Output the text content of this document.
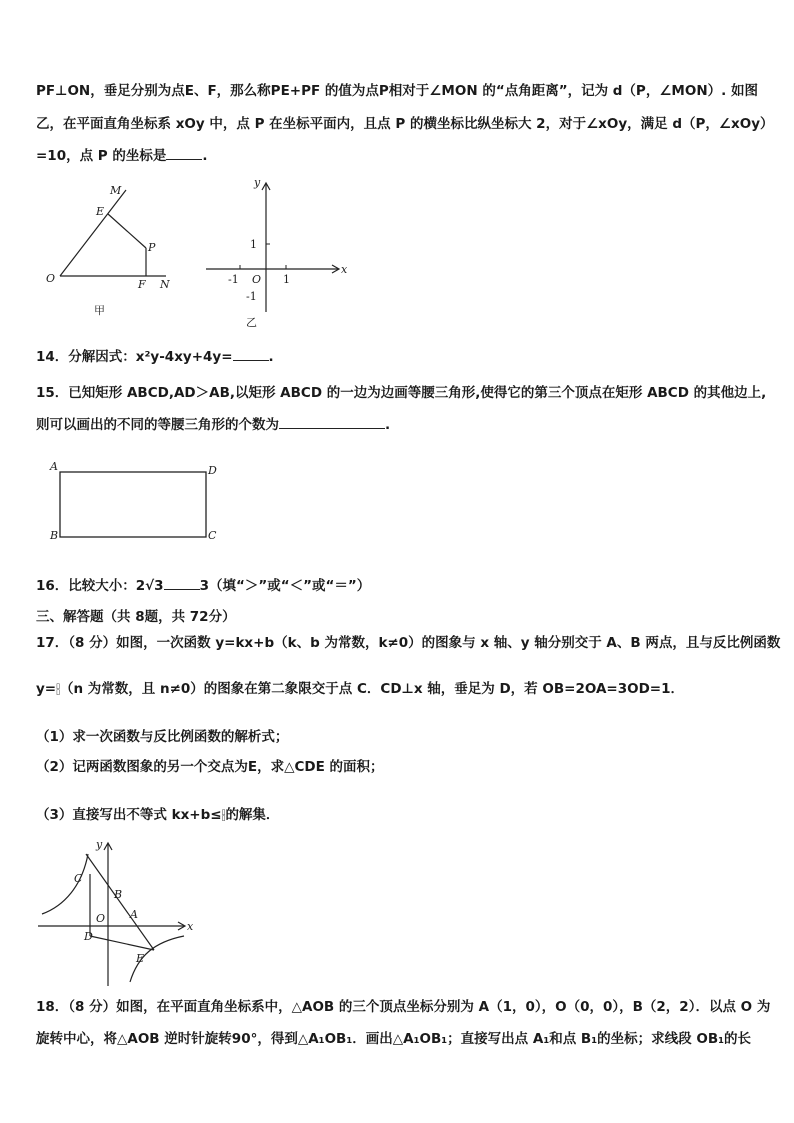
PF⊥ON，垂足分别为点E、F，那么称PE+PF 的值为点P相对于∠MON 的“点角距离”，记为 d（P，∠MON）. 如图
乙，在平面直角坐标系 xOy 中，点 P 在坐标平面内，且点 P 的横坐标比纵坐标大 2，对于∠xOy，满足 d（P，∠xOy）
=10，点 P 的坐标是	.
M
E
P
O	F N
甲
y
x
1
-1 O 1
-1
乙
14．分解因式：x²y-4xy+4y=	.
15．已知矩形 ABCD,AD＞AB,以矩形 ABCD 的一边为边画等腰三角形,使得它的第三个顶点在矩形 ABCD 的其他边上,
则可以画出的不同的等腰三角形的个数为	.
A	D
B	C
16．比较大小：2√3	3（填“＞”或“＜”或“＝”）
三、解答题（共 8题，共 72分）
17．（8 分）如图，一次函数 y=kx+b（k、b 为常数，k≠0）的图象与 x 轴、y 轴分别交于 A、B 两点，且与反比例函数
y= ▯
▯ （n 为常数，且 n≠0）的图象在第二象限交于点 C．CD⊥x 轴，垂足为 D，若 OB=2OA=3OD=1．
（1）求一次函数与反比例函数的解析式；
（2）记两函数图象的另一个交点为E，求△CDE 的面积；
（3）直接写出不等式 kx+b≤ ▯
▯ 的解集．
y
x
C
B
A
O
D
E
18．（8 分）如图，在平面直角坐标系中，△AOB 的三个顶点坐标分别为 A（1，0），O（0，0），B（2，2）．以点 O 为
旋转中心，将△AOB 逆时针旋转90°，得到△A₁OB₁．画出△A₁OB₁；直接写出点 A₁和点 B₁的坐标；求线段 OB₁的长
